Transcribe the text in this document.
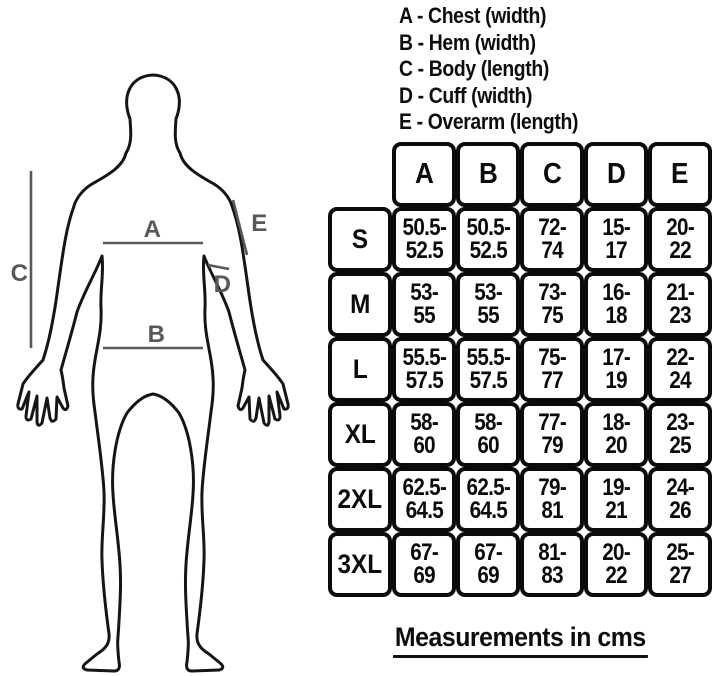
A
B
C	D
E
A - Chest (width)
B - Hem (width)
C - Body (length)
D - Cuff (width)
E - Overarm (length)
A B C D E
S 50.5-
52.5
50.5-
52.5
72-
74
15-
17
20-
22
M 53-
55
53-
55
73-
75
16-
18
21-
23
L 55.5-
57.5
55.5-
57.5
75-
77
17-
19
22-
24
XL 58-
60
58-
60
77-
79
18-
20
23-
25
2XL 62.5-
64.5
62.5-
64.5
79-
81
19-
21
24-
26
3XL 67-
69
67-
69
81-
83
20-
22
25-
27
Measurements in cms
